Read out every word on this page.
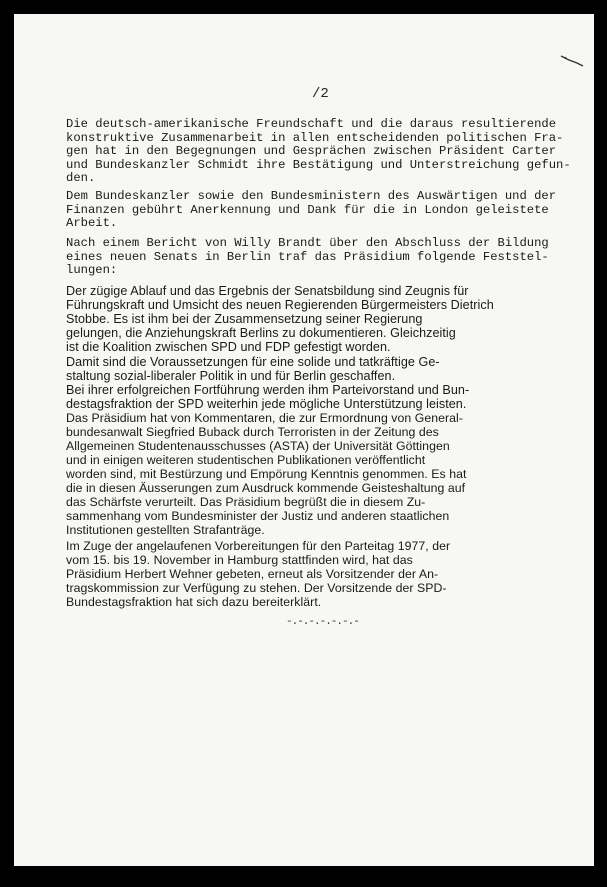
/2
Die deutsch-amerikanische Freundschaft und die daraus resultierende
konstruktive Zusammenarbeit in allen entscheidenden politischen Fra-
gen hat in den Begegnungen und Gesprächen zwischen Präsident Carter
und Bundeskanzler Schmidt ihre Bestätigung und Unterstreichung gefun-
den.
Dem Bundeskanzler sowie den Bundesministern des Auswärtigen und der
Finanzen gebührt Anerkennung und Dank für die in London geleistete
Arbeit.
Nach einem Bericht von Willy Brandt über den Abschluss der Bildung
eines neuen Senats in Berlin traf das Präsidium folgende Feststel-
lungen:
Der zügige Ablauf und das Ergebnis der Senatsbildung sind Zeugnis für
Führungskraft und Umsicht des neuen Regierenden Bürgermeisters Dietrich
Stobbe. Es ist ihm bei der Zusammensetzung seiner Regierung
gelungen, die Anziehungskraft Berlins zu dokumentieren. Gleichzeitig
ist die Koalition zwischen SPD und FDP gefestigt worden.
Damit sind die Voraussetzungen für eine solide und tatkräftige Ge-
staltung sozial-liberaler Politik in und für Berlin geschaffen.
Bei ihrer erfolgreichen Fortführung werden ihm Parteivorstand und Bun-
destagsfraktion der SPD weiterhin jede mögliche Unterstützung leisten.
Das Präsidium hat von Kommentaren, die zur Ermordnung von General-
bundesanwalt Siegfried Buback durch Terroristen in der Zeitung des
Allgemeinen Studentenausschusses (ASTA) der Universität Göttingen
und in einigen weiteren studentischen Publikationen veröffentlicht
worden sind, mit Bestürzung und Empörung Kenntnis genommen. Es hat
die in diesen Äusserungen zum Ausdruck kommende Geisteshaltung auf
das Schärfste verurteilt. Das Präsidium begrüßt die in diesem Zu-
sammenhang vom Bundesminister der Justiz und anderen staatlichen
Institutionen gestellten Strafanträge.
Im Zuge der angelaufenen Vorbereitungen für den Parteitag 1977, der
vom 15. bis 19. November in Hamburg stattfinden wird, hat das
Präsidium Herbert Wehner gebeten, erneut als Vorsitzender der An-
tragskommission zur Verfügung zu stehen. Der Vorsitzende der SPD-
Bundestagsfraktion hat sich dazu bereiterklärt.
-.-.-.-.-.-.-
